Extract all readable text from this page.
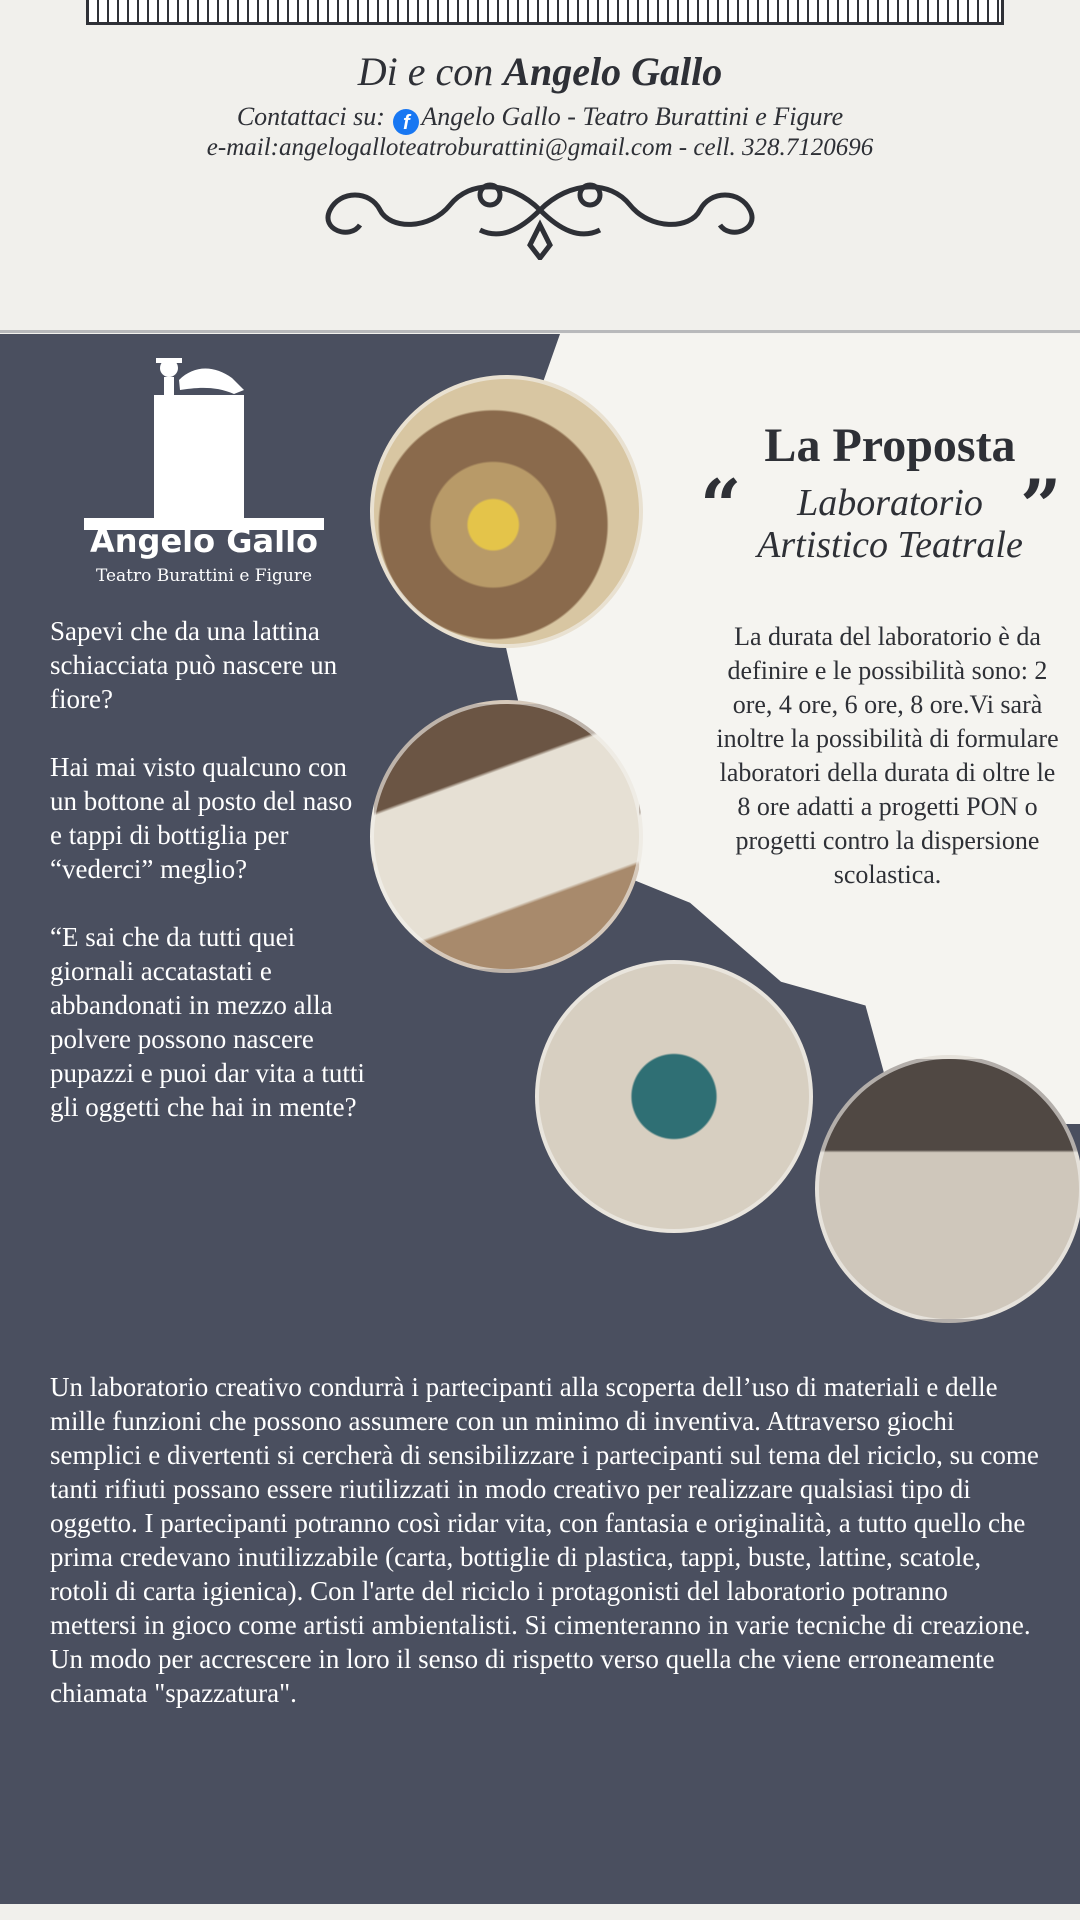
Di e con Angelo Gallo
Contattaci su: f Angelo Gallo - Teatro Burattini e Figure
e-mail:angelogalloteatroburattini@gmail.com - cell. 328.7120696
Angelo Gallo
Teatro Burattini e Figure

Sapevi che da una lattina schiacciata può nascere un fiore?

Hai mai visto qualcuno con un bottone al posto del naso e tappi di bottiglia per “vederci” meglio?

“E sai che da tutti quei giornali accatastati e abbandonati in mezzo alla polvere possono nascere pupazzi e puoi dar vita a tutti gli oggetti che hai in mente?

La Proposta
“	”
Laboratorio
Artistico Teatrale
La durata del laboratorio è da definire e le possibilità sono: 2 ore, 4 ore, 6 ore, 8 ore.Vi sarà inoltre la possibilità di formulare laboratori della durata di oltre le 8 ore adatti a progetti PON o progetti contro la dispersione scolastica.
Un laboratorio creativo condurrà i partecipanti alla scoperta dell’uso di materiali e delle mille funzioni che possono assumere con un minimo di inventiva. Attraverso giochi semplici e divertenti si cercherà di sensibilizzare i partecipanti sul tema del riciclo, su come tanti rifiuti possano essere riutilizzati in modo creativo per realizzare qualsiasi tipo di oggetto. I partecipanti potranno così ridar vita, con fantasia e originalità, a tutto quello che prima credevano inutilizzabile (carta, bottiglie di plastica, tappi, buste, lattine, scatole, rotoli di carta igienica). Con l'arte del riciclo i protagonisti del laboratorio potranno mettersi in gioco come artisti ambientalisti. Si cimenteranno in varie tecniche di creazione. Un modo per accrescere in loro il senso di rispetto verso quella che viene erroneamente chiamata "spazzatura".
